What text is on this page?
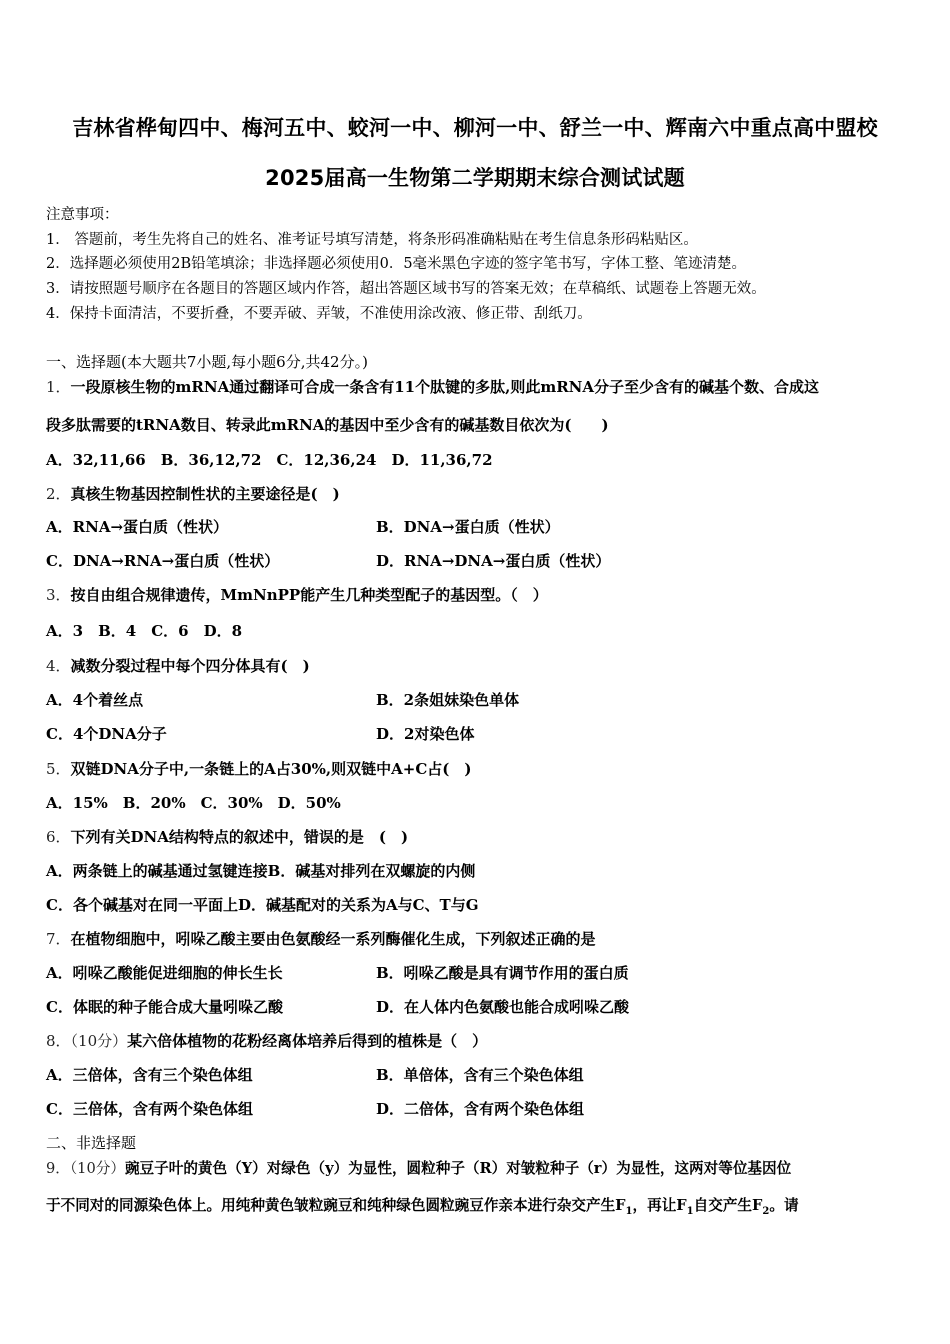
吉林省桦甸四中、梅河五中、蛟河一中、柳河一中、舒兰一中、辉南六中重点高中盟校
2025届高一生物第二学期期末综合测试试题
注意事项：
1． 答题前，考生先将自己的姓名、准考证号填写清楚，将条形码准确粘贴在考生信息条形码粘贴区。
2．选择题必须使用2B铅笔填涂；非选择题必须使用0．5毫米黑色字迹的签字笔书写，字体工整、笔迹清楚。
3．请按照题号顺序在各题目的答题区域内作答，超出答题区域书写的答案无效；在草稿纸、试题卷上答题无效。
4．保持卡面清洁，不要折叠，不要弄破、弄皱，不准使用涂改液、修正带、刮纸刀。
一、选择题(本大题共7小题,每小题6分,共42分。)
1．一段原核生物的mRNA通过翻译可合成一条含有11个肽键的多肽,则此mRNA分子至少含有的碱基个数、合成这
段多肽需要的tRNA数目、转录此mRNA的基因中至少含有的碱基数目依次为(　　)
A．32,11,66　B．36,12,72　C．12,36,24　D．11,36,72
2．真核生物基因控制性状的主要途径是(　)
A．RNA→蛋白质（性状）	B．DNA→蛋白质（性状）
C．DNA→RNA→蛋白质（性状）	D．RNA→DNA→蛋白质（性状）
3．按自由组合规律遗传，MmNnPP能产生几种类型配子的基因型。（　）
A．3　B．4　C．6　D．8
4．减数分裂过程中每个四分体具有(　)
A．4个着丝点	B．2条姐妹染色单体
C．4个DNA分子	D．2对染色体
5．双链DNA分子中,一条链上的A占30%,则双链中A+C占(　)
A．15%　B．20%　C．30%　D．50%
6．下列有关DNA结构特点的叙述中，错误的是　(　)
A．两条链上的碱基通过氢键连接B．碱基对排列在双螺旋的内侧
C．各个碱基对在同一平面上D．碱基配对的关系为A与C、T与G
7．在植物细胞中，吲哚乙酸主要由色氨酸经一系列酶催化生成，下列叙述正确的是
A．吲哚乙酸能促进细胞的伸长生长	B．吲哚乙酸是具有调节作用的蛋白质
C．体眠的种子能合成大量吲哚乙酸	D．在人体内色氨酸也能合成吲哚乙酸
8．（10分）某六倍体植物的花粉经离体培养后得到的植株是（　）
A．三倍体，含有三个染色体组	B．单倍体，含有三个染色体组
C．三倍体，含有两个染色体组	D．二倍体，含有两个染色体组
二、非选择题
9．（10分）豌豆子叶的黄色（Y）对绿色（y）为显性，圆粒种子（R）对皱粒种子（r）为显性，这两对等位基因位
于不同对的同源染色体上。用纯种黄色皱粒豌豆和纯种绿色圆粒豌豆作亲本进行杂交产生$F_1$，再让$F_1$自交产生$F_2$。请
